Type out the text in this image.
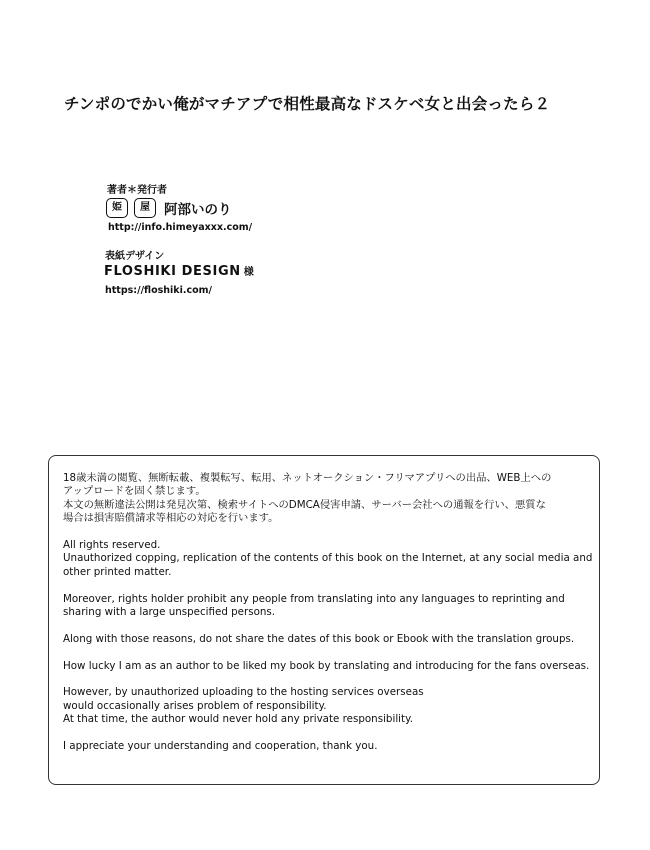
チンポのでかい俺がマチアプで相性最高なドスケベ女と出会ったら２
著者＊発行者
姫 屋 阿部いのり
http://info.himeyaxxx.com/
表紙デザイン
FLOSHIKI DESIGN 様
https://floshiki.com/

18歳未満の閲覧、無断転載、複製転写、転用、ネットオークション・フリマアプリへの出品、WEB上への
アップロードを固く禁じます。
本文の無断違法公開は発見次第、検索サイトへのDMCA侵害申請、サーバー会社への通報を行い、悪質な
場合は損害賠償請求等相応の対応を行います。

All rights reserved.
Unauthorized copping, replication of the contents of this book on the Internet, at any social media and
other printed matter.

Moreover, rights holder prohibit any people from translating into any languages to reprinting and
sharing with a large unspecified persons.

Along with those reasons, do not share the dates of this book or Ebook with the translation groups.

How lucky I am as an author to be liked my book by translating and introducing for the fans overseas.

However, by unauthorized uploading to the hosting services overseas
would occasionally arises problem of responsibility.
At that time, the author would never hold any private responsibility.

I appreciate your understanding and cooperation, thank you.
